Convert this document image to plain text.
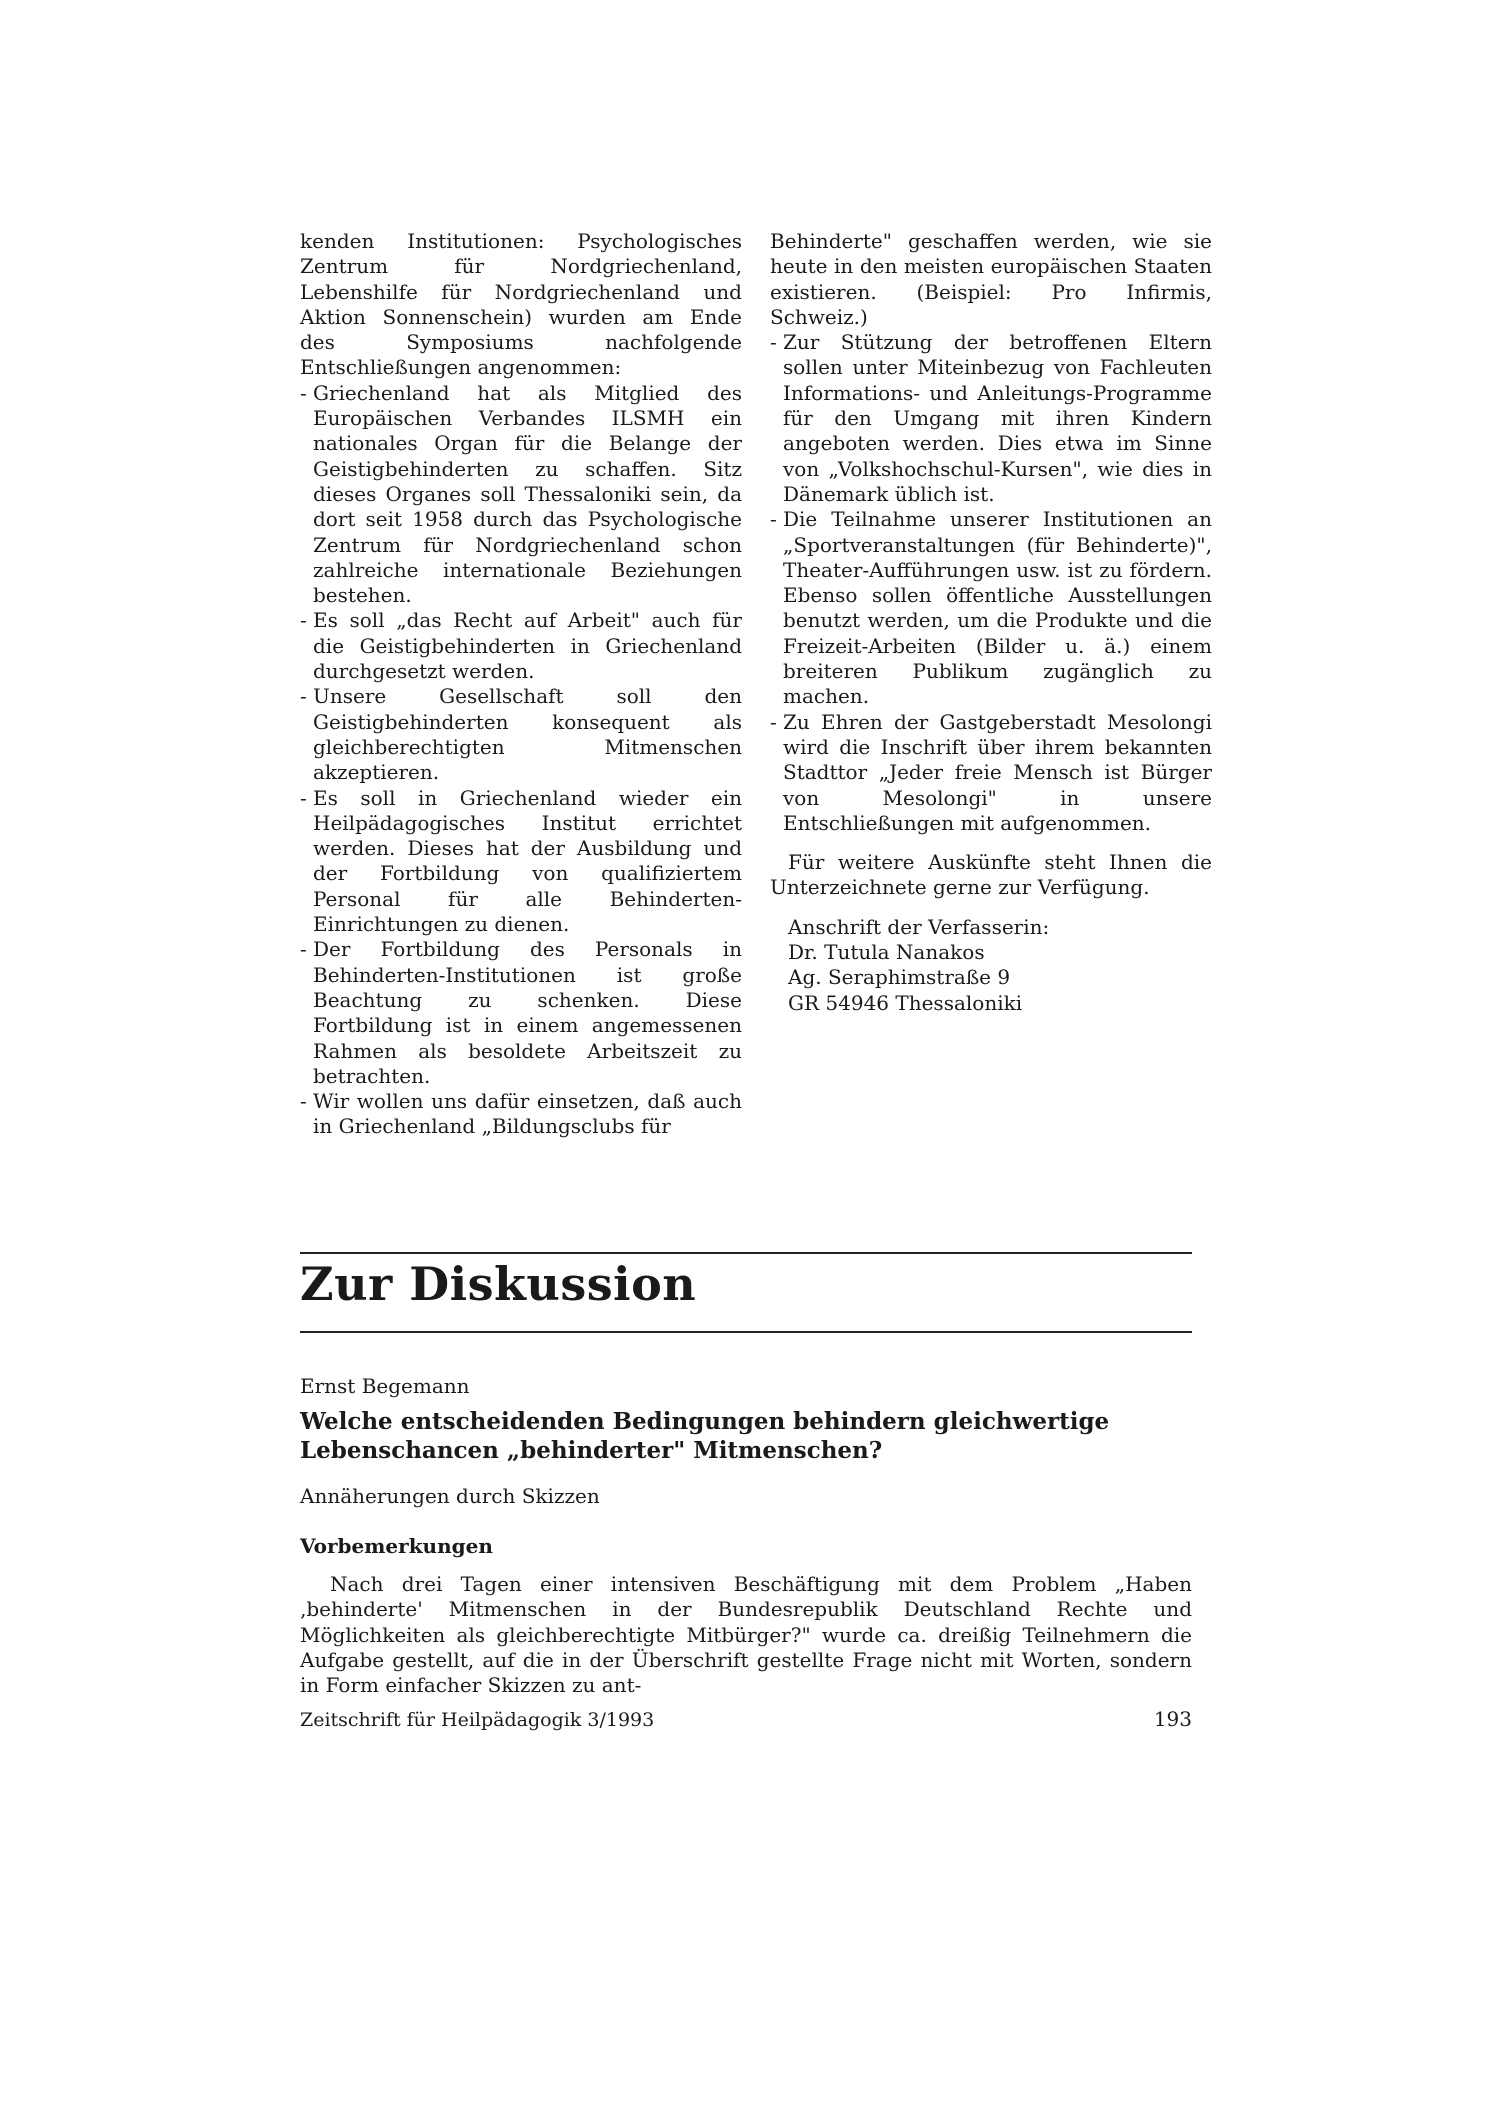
kenden Institutionen: Psychologisches Zentrum für Nordgriechenland, Lebenshilfe für Nordgriechenland und Aktion Sonnenschein) wurden am Ende des Symposiums nachfolgende Entschließungen angenommen:

- Griechenland hat als Mitglied des Europäischen Verbandes ILSMH ein nationales Organ für die Belange der Geistigbehinderten zu schaffen. Sitz dieses Organes soll Thessaloniki sein, da dort seit 1958 durch das Psychologische Zentrum für Nordgriechenland schon zahlreiche internationale Beziehungen bestehen.
- Es soll „das Recht auf Arbeit" auch für die Geistigbehinderten in Griechenland durchgesetzt werden.
- Unsere Gesellschaft soll den Geistigbehinderten konsequent als gleichberechtigten Mitmenschen akzeptieren.
- Es soll in Griechenland wieder ein Heilpädagogisches Institut errichtet werden. Dieses hat der Ausbildung und der Fortbildung von qualifiziertem Personal für alle Behinderten-Einrichtungen zu dienen.
- Der Fortbildung des Personals in Behinderten-Institutionen ist große Beachtung zu schenken. Diese Fortbildung ist in einem angemessenen Rahmen als besoldete Arbeitszeit zu betrachten.
- Wir wollen uns dafür einsetzen, daß auch in Griechenland „Bildungsclubs für

Behinderte" geschaffen werden, wie sie heute in den meisten europäischen Staaten existieren. (Beispiel: Pro Infirmis, Schweiz.)

- Zur Stützung der betroffenen Eltern sollen unter Miteinbezug von Fachleuten Informations- und Anleitungs-Programme für den Umgang mit ihren Kindern angeboten werden. Dies etwa im Sinne von „Volkshochschul-Kursen", wie dies in Dänemark üblich ist.
- Die Teilnahme unserer Institutionen an „Sportveranstaltungen (für Behinderte)", Theater-Aufführungen usw. ist zu fördern. Ebenso sollen öffentliche Ausstellungen benutzt werden, um die Produkte und die Freizeit-Arbeiten (Bilder u. ä.) einem breiteren Publikum zugänglich zu machen.
- Zu Ehren der Gastgeberstadt Mesolongi wird die Inschrift über ihrem bekannten Stadttor „Jeder freie Mensch ist Bürger von Mesolongi" in unsere Entschließungen mit aufgenommen.

Für weitere Auskünfte steht Ihnen die Unterzeichnete gerne zur Verfügung.

Anschrift der Verfasserin:
Dr. Tutula Nanakos
Ag. Seraphimstraße 9
GR 54946 Thessaloniki
Zur Diskussion
Ernst Begemann
Welche entscheidenden Bedingungen behindern gleichwertige Lebenschancen „behinderter" Mitmenschen?
Annäherungen durch Skizzen
Vorbemerkungen

Nach drei Tagen einer intensiven Beschäftigung mit dem Problem „Haben ‚behinderte' Mitmenschen in der Bundesrepublik Deutschland Rechte und Möglichkeiten als gleichberechtigte Mitbürger?" wurde ca. dreißig Teilnehmern die Aufgabe gestellt, auf die in der Überschrift gestellte Frage nicht mit Worten, sondern in Form einfacher Skizzen zu ant-

Zeitschrift für Heilpädagogik 3/1993	193
